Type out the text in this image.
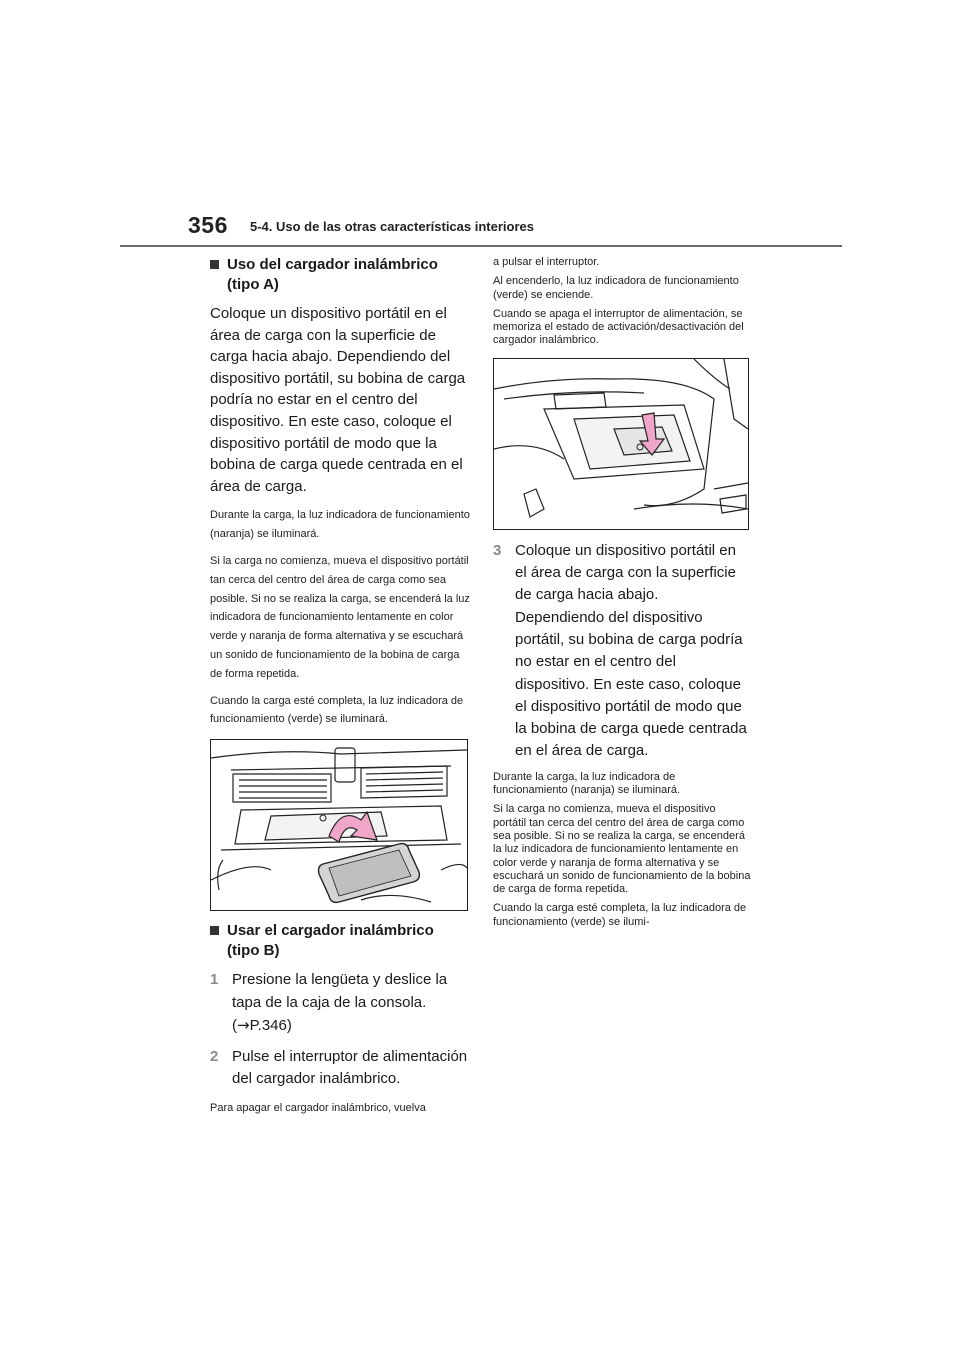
356 5-4. Uso de las otras características interiores
Uso del cargador inalámbrico (tipo A)

Coloque un dispositivo portátil en el área de carga con la superficie de carga hacia abajo. Dependiendo del dispositivo portátil, su bobina de carga podría no estar en el centro del dispositivo. En este caso, coloque el dispositivo portátil de modo que la bobina de carga quede centrada en el área de carga.

Durante la carga, la luz indicadora de funcionamiento (naranja) se iluminará.

Si la carga no comienza, mueva el dispositivo portátil tan cerca del centro del área de carga como sea posible. Si no se realiza la carga, se encenderá la luz indicadora de funcionamiento lentamente en color verde y naranja de forma alternativa y se escuchará un sonido de funcionamiento de la bobina de carga de forma repetida.

Cuando la carga esté completa, la luz indicadora de funcionamiento (verde) se iluminará.

Usar el cargador inalámbrico (tipo B)
1 Presione la lengüeta y deslice la tapa de la caja de la consola.
(→P.346)
2 Pulse el interruptor de alimentación del cargador inalámbrico.

Para apagar el cargador inalámbrico, vuelva

a pulsar el interruptor.

Al encenderlo, la luz indicadora de funcionamiento (verde) se enciende.

Cuando se apaga el interruptor de alimentación, se memoriza el estado de activación/desactivación del cargador inalámbrico.

3 Coloque un dispositivo portátil en el área de carga con la superficie de carga hacia abajo. Dependiendo del dispositivo portátil, su bobina de carga podría no estar en el centro del dispositivo. En este caso, coloque el dispositivo portátil de modo que la bobina de carga quede centrada en el área de carga.

Durante la carga, la luz indicadora de funcionamiento (naranja) se iluminará.

Si la carga no comienza, mueva el dispositivo portátil tan cerca del centro del área de carga como sea posible. Si no se realiza la carga, se encenderá la luz indicadora de funcionamiento lentamente en color verde y naranja de forma alternativa y se escuchará un sonido de funcionamiento de la bobina de carga de forma repetida.

Cuando la carga esté completa, la luz indicadora de funcionamiento (verde) se ilumi-
